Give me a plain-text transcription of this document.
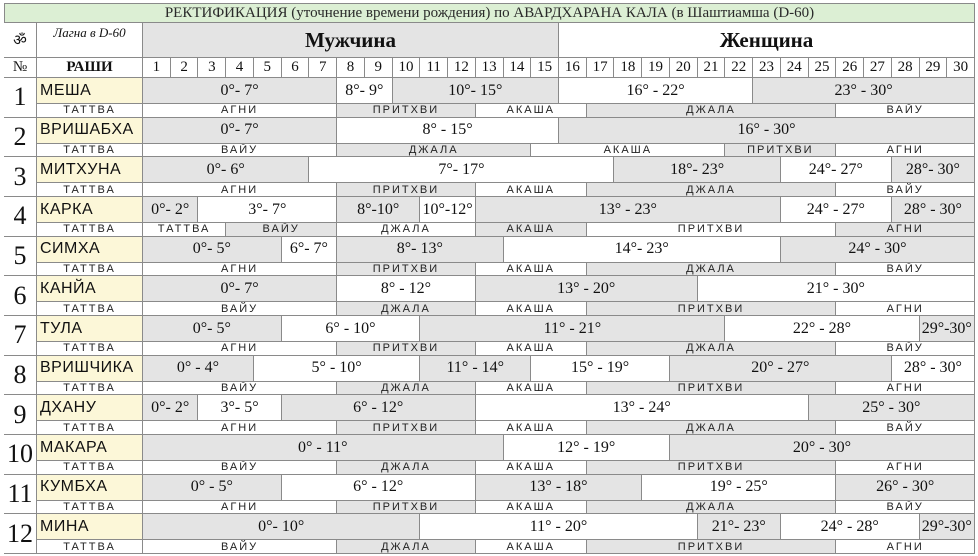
РЕКТИФИКАЦИЯ (уточнение времени рождения) по АВАРДХАРАНА КАЛА (в Шаштиамша (D-60)
ॐ
Лагна в D-60	Мужчина	Женщина
№	РАШИ	1	2	3	4	5	6	7	8	9	10 11 12 13 14 15 16 17 18 19 20 21 22 23 24 25 26 27 28 29 30
1 МЕША
ТАТТВА
0°- 7°	8°- 9°	10°- 15°	16° - 22°	23° - 30°
АГНИ	ПРИТХВИ	АКАША	ДЖАЛА	ВАЙУ
2 ВРИШАБХА
ТАТТВА
0°- 7°	8° - 15°	16° - 30°
ВАЙУ	ДЖАЛА	АКАША	ПРИТХВИ	АГНИ
3 МИТХУНА
ТАТТВА
0°- 6°	7°- 17°	18°- 23°	24°- 27°	28°- 30°
АГНИ	ПРИТХВИ	АКАША	ДЖАЛА	ВАЙУ
4 КАРКА
ТАТТВА
0°- 2°	3°- 7°	8°-10°	10°-12°	13° - 23°	24° - 27°	28° - 30°
ТАТТВА	ВАЙУ	ДЖАЛА	АКАША	ПРИТХВИ	АГНИ
5 СИМХА
ТАТТВА
0°- 5°	6°- 7°	8°- 13°	14°- 23°	24° - 30°
АГНИ	ПРИТХВИ	АКАША	ДЖАЛА	ВАЙУ
6 КАНЙА
ТАТТВА
0°- 7°	8° - 12°	13° - 20°	21° - 30°
ВАЙУ	ДЖАЛА	АКАША	ПРИТХВИ	АГНИ
7 ТУЛА
ТАТТВА
0°- 5°	6° - 10°	11° - 21°	22° - 28°	29°-30°
АГНИ	ПРИТХВИ	АКАША	ДЖАЛА	ВАЙУ
8 ВРИШЧИКА
ТАТТВА
0° - 4°	5° - 10°	11° - 14°	15° - 19°	20° - 27°	28° - 30°
ВАЙУ	ДЖАЛА	АКАША	ПРИТХВИ	АГНИ
9 ДХАНУ
ТАТТВА
0°- 2°	3°- 5°	6° - 12°	13° - 24°	25° - 30°
АГНИ	ПРИТХВИ	АКАША	ДЖАЛА	ВАЙУ
10 МАКАРА
ТАТТВА
0° - 11°	12° - 19°	20° - 30°
ВАЙУ	ДЖАЛА	АКАША	ПРИТХВИ	АГНИ
11 КУМБХА
ТАТТВА
0° - 5°	6° - 12°	13° - 18°	19° - 25°	26° - 30°
АГНИ	ПРИТХВИ	АКАША	ДЖАЛА	ВАЙУ
12 МИНА
ТАТТВА
0°- 10°	11° - 20°	21°- 23°	24° - 28°	29°-30°
ВАЙУ	ДЖАЛА	АКАША	ПРИТХВИ	АГНИ
